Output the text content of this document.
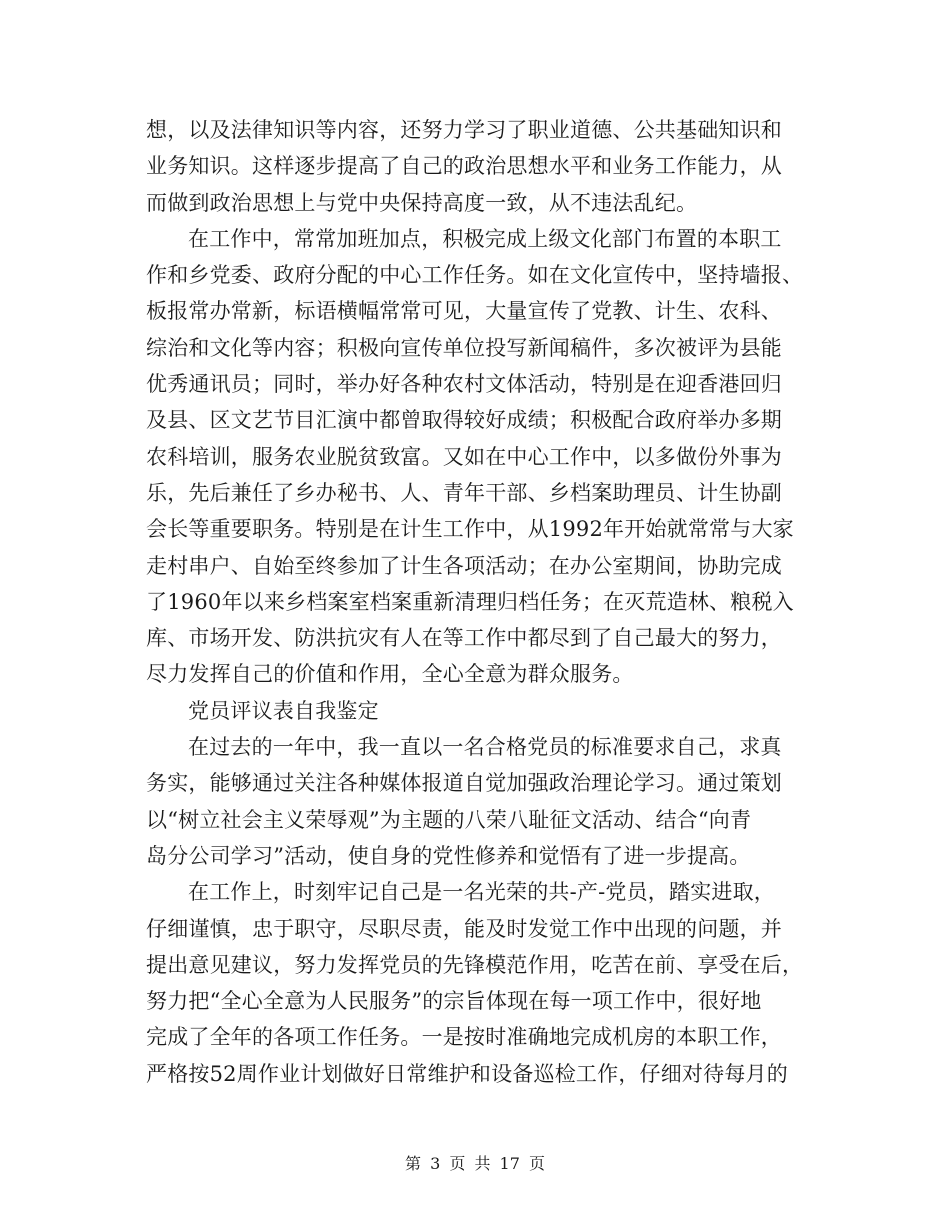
想，以及法律知识等内容，还努力学习了职业道德、公共基础知识和
业务知识。这样逐步提高了自己的政治思想水平和业务工作能力，从
而做到政治思想上与党中央保持高度一致，从不违法乱纪。
在工作中，常常加班加点，积极完成上级文化部门布置的本职工
作和乡党委、政府分配的中心工作任务。如在文化宣传中，坚持墙报、
板报常办常新，标语横幅常常可见，大量宣传了党教、计生、农科、
综治和文化等内容；积极向宣传单位投写新闻稿件，多次被评为县能
优秀通讯员；同时，举办好各种农村文体活动，特别是在迎香港回归
及县、区文艺节目汇演中都曾取得较好成绩；积极配合政府举办多期
农科培训，服务农业脱贫致富。又如在中心工作中，以多做份外事为
乐，先后兼任了乡办秘书、人、青年干部、乡档案助理员、计生协副
会长等重要职务。特别是在计生工作中，从1992年开始就常常与大家
走村串户、自始至终参加了计生各项活动；在办公室期间，协助完成
了1960年以来乡档案室档案重新清理归档任务；在灭荒造林、粮税入
库、市场开发、防洪抗灾有人在等工作中都尽到了自己最大的努力，
尽力发挥自己的价值和作用，全心全意为群众服务。
党员评议表自我鉴定
在过去的一年中，我一直以一名合格党员的标准要求自己，求真
务实，能够通过关注各种媒体报道自觉加强政治理论学习。通过策划
以“树立社会主义荣辱观”为主题的八荣八耻征文活动、结合“向青
岛分公司学习”活动，使自身的党性修养和觉悟有了进一步提高。
在工作上，时刻牢记自己是一名光荣的共-产-党员，踏实进取，
仔细谨慎，忠于职守，尽职尽责，能及时发觉工作中出现的问题，并
提出意见建议，努力发挥党员的先锋模范作用，吃苦在前、享受在后，
努力把“全心全意为人民服务”的宗旨体现在每一项工作中，很好地
完成了全年的各项工作任务。一是按时准确地完成机房的本职工作，
严格按52周作业计划做好日常维护和设备巡检工作，仔细对待每月的
第 3 页 共 17 页
